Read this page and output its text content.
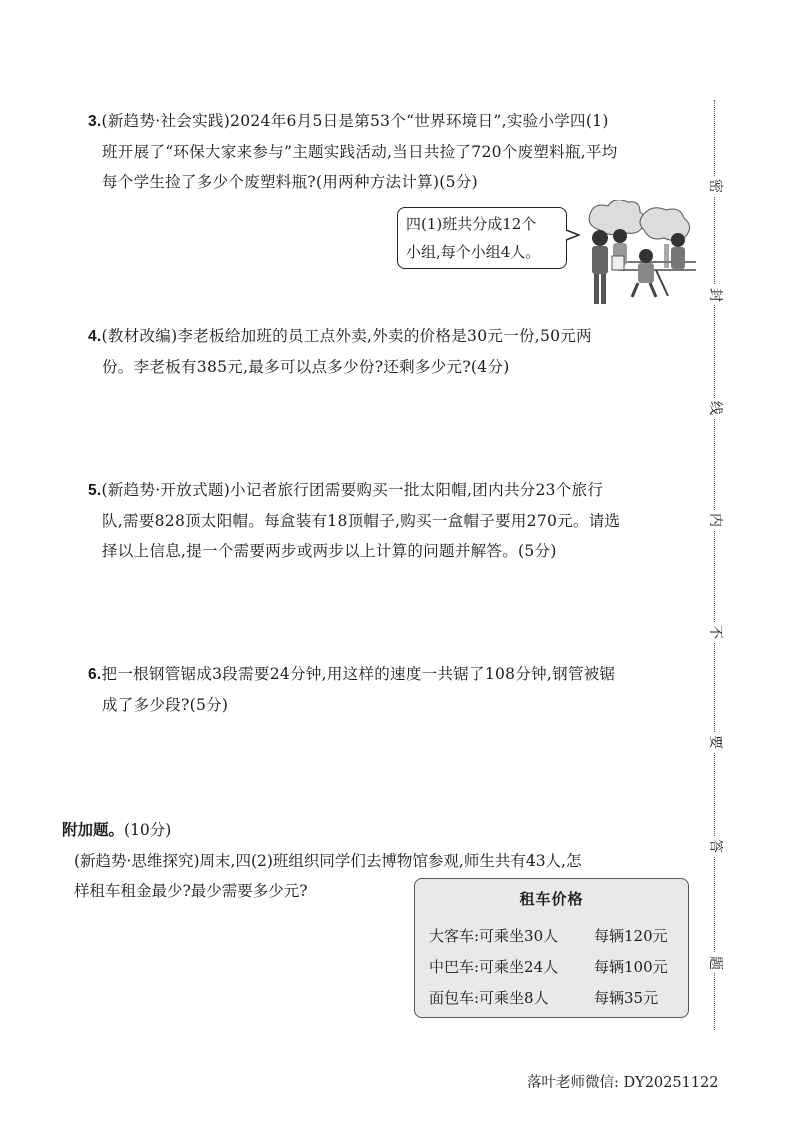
3.(新趋势·社会实践)2024年6月5日是第53个“世界环境日”,实验小学四(1)
班开展了“环保大家来参与”主题实践活动,当日共捡了720个废塑料瓶,平均
每个学生捡了多少个废塑料瓶?(用两种方法计算)(5分)
四(1)班共分成12个
小组,每个小组4人。
4.(教材改编)李老板给加班的员工点外卖,外卖的价格是30元一份,50元两
份。李老板有385元,最多可以点多少份?还剩多少元?(4分)
5.(新趋势·开放式题)小记者旅行团需要购买一批太阳帽,团内共分23个旅行
队,需要828顶太阳帽。每盒装有18顶帽子,购买一盒帽子要用270元。请选
择以上信息,提一个需要两步或两步以上计算的问题并解答。(5分)
6.把一根钢管锯成3段需要24分钟,用这样的速度一共锯了108分钟,钢管被锯
成了多少段?(5分)
附加题。(10分)
(新趋势·思维探究)周末,四(2)班组织同学们去博物馆参观,师生共有43人,怎
样租车租金最少?最少需要多少元?	租车价格
大客车:可乘坐30人 每辆120元
中巴车:可乘坐24人 每辆100元
面包车:可乘坐8人	每辆35元
密
封
线
内
不
要
答
题
落叶老师微信: DY20251122
